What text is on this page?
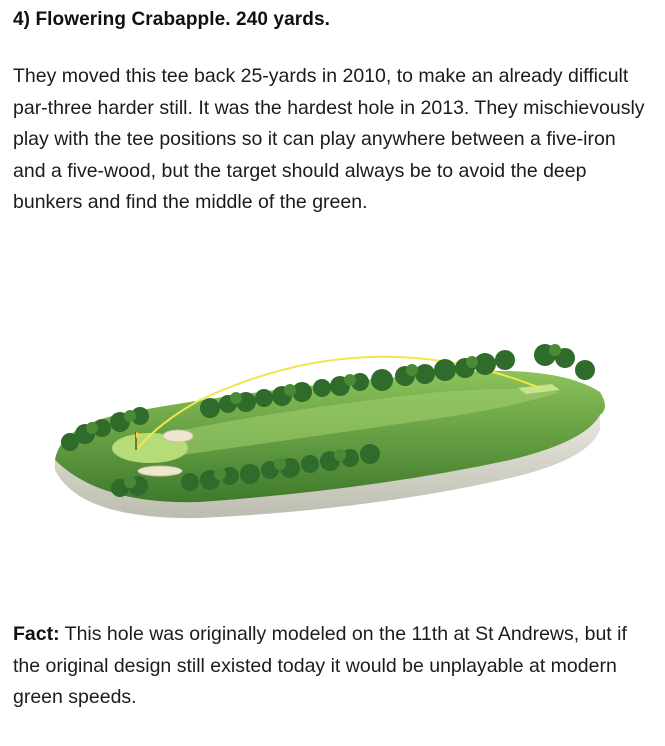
4) Flowering Crabapple. 240 yards.
They moved this tee back 25-yards in 2010, to make an already difficult par-three harder still. It was the hardest hole in 2013. They mischievously play with the tee positions so it can play anywhere between a five-iron and a five-wood, but the target should always be to avoid the deep bunkers and find the middle of the green.
Fact: This hole was originally modeled on the 11th at St Andrews, but if the original design still existed today it would be unplayable at modern green speeds.
